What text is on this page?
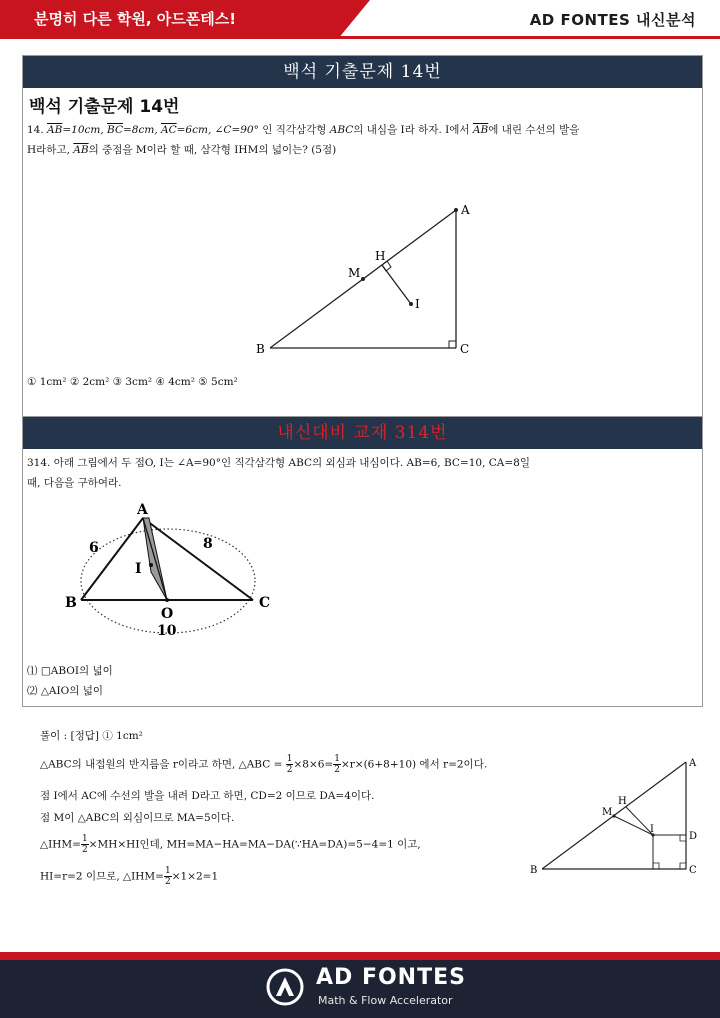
분명히 다른 학원, 아드폰테스!	AD FONTES 내신분석
백석 기출문제 14번
백석 기출문제 14번
14. $\overline{AB}=10cm$, $\overline{BC}=8cm$, $\overline{AC}=6cm$, ∠C=90° 인 직각삼각형 ABC의 내심을 I라 하자. I에서 $\overline{AB}$에 내린 수선의 발을
H라하고, $\overline{AB}$의 중점을 M이라 할 때, 삼각형 IHM의 넓이는? (5점)
A
B	C
M
H
I
① 1cm² ② 2cm² ③ 3cm² ④ 4cm² ⑤ 5cm²
내신대비 교재 314번
314. 아래 그림에서 두 점O, I는 ∠A=90°인 직각삼각형 ABC의 외심과 내심이다. AB=6, BC=10, CA=8일
때, 다음을 구하여라.
A
B	C
O
I
6	8
10
⑴ □ABOI의 넓이
⑵ △AIO의 넓이
풀이 : [정답] ① 1cm²
△ABC의 내접원의 반지름을 r이라고 하면, △ABC = $\frac{1}{2} \times 8\times 6= \frac{1}{2} \times r\times(6+8+10)$ 에서 r=2이다.
점 I에서 AC에 수선의 발을 내려 D라고 하면, CD=2 이므로 DA=4이다.
점 M이 △ABC의 외심이므로 MA=5이다.
△IHM= $\frac{1}{2} \times MH\times HI$인데, MH=MA−HA=MA−DA(∵HA=DA)=5−4=1 이고,
HI=r=2 이므로, △IHM= $\frac{1}{2} \times 1\times 2=1$
A
B	C
D
H
I
M
AD FONTES
Math & Flow Accelerator
